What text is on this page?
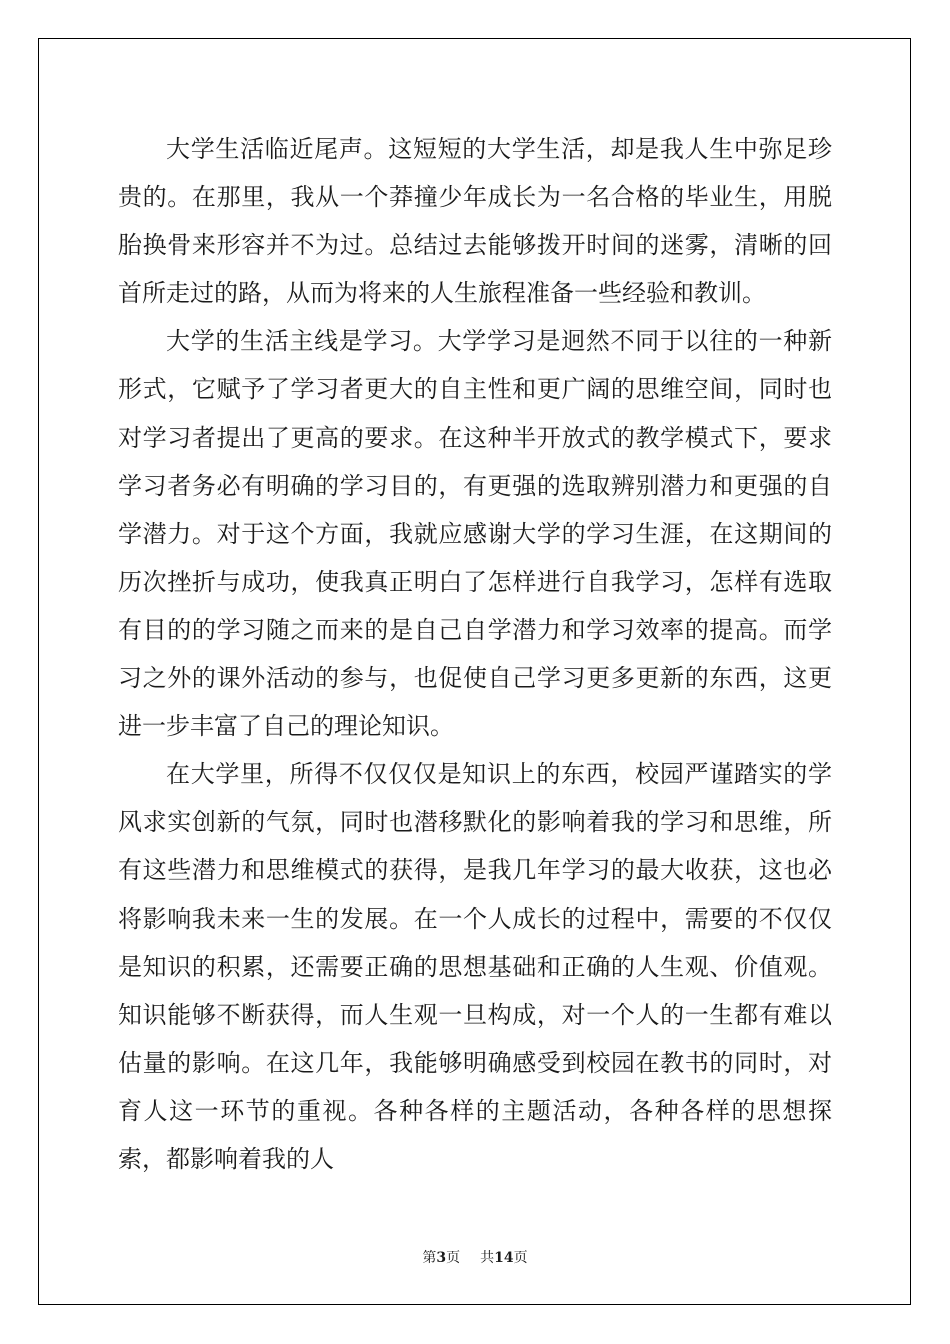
大学生活临近尾声。这短短的大学生活，却是我人生中弥足珍贵的。在那里，我从一个莽撞少年成长为一名合格的毕业生，用脱胎换骨来形容并不为过。总结过去能够拨开时间的迷雾，清晰的回首所走过的路，从而为将来的人生旅程准备一些经验和教训。

大学的生活主线是学习。大学学习是迥然不同于以往的一种新形式，它赋予了学习者更大的自主性和更广阔的思维空间，同时也对学习者提出了更高的要求。在这种半开放式的教学模式下，要求学习者务必有明确的学习目的，有更强的选取辨别潜力和更强的自学潜力。对于这个方面，我就应感谢大学的学习生涯，在这期间的历次挫折与成功，使我真正明白了怎样进行自我学习，怎样有选取有目的的学习随之而来的是自己自学潜力和学习效率的提高。而学习之外的课外活动的参与，也促使自己学习更多更新的东西，这更进一步丰富了自己的理论知识。

在大学里，所得不仅仅仅是知识上的东西，校园严谨踏实的学风求实创新的气氛，同时也潜移默化的影响着我的学习和思维，所有这些潜力和思维模式的获得，是我几年学习的最大收获，这也必将影响我未来一生的发展。在一个人成长的过程中，需要的不仅仅是知识的积累，还需要正确的思想基础和正确的人生观、价值观。知识能够不断获得，而人生观一旦构成，对一个人的一生都有难以估量的影响。在这几年，我能够明确感受到校园在教书的同时，对育人这一环节的重视。各种各样的主题活动，各种各样的思想探索，都影响着我的人

第3页 共14页
